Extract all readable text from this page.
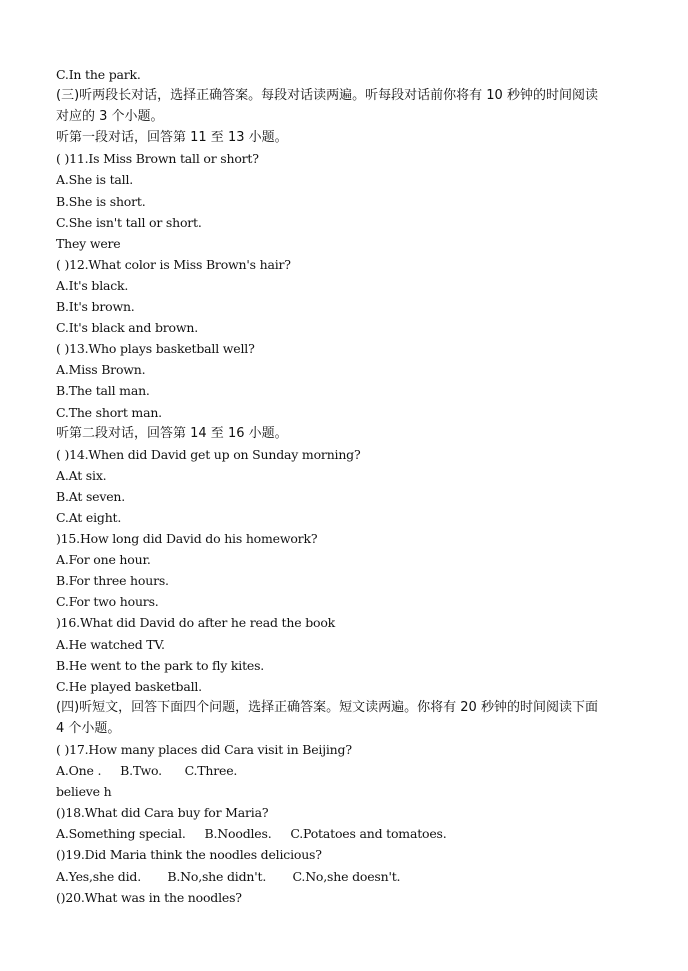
C.In the park.
(三)听两段长对话，选择正确答案。每段对话读两遍。听每段对话前你将有 10 秒钟的时间阅读
对应的 3 个小题。
听第一段对话，回答第 11 至 13 小题。
( )11.Is Miss Brown tall or short?
A.She is tall.
B.She is short.
C.She isn't tall or short.
They were
( )12.What color is Miss Brown's hair?
A.It's black.
B.It's brown.
C.It's black and brown.
( )13.Who plays basketball well?
A.Miss Brown.
B.The tall man.
C.The short man.
听第二段对话，回答第 14 至 16 小题。
( )14.When did David get up on Sunday morning?
A.At six.
B.At seven.
C.At eight.
)15.How long did David do his homework?
A.For one hour.
B.For three hours.
C.For two hours.
)16.What did David do after he read the book
A.He watched TV.
B.He went to the park to fly kites.
C.He played basketball.
(四)听短文，回答下面四个问题，选择正确答案。短文读两遍。你将有 20 秒钟的时间阅读下面
4 个小题。
( )17.How many places did Cara visit in Beijing?
A.One .     B.Two.      C.Three.
believe h
()18.What did Cara buy for Maria?
A.Something special.     B.Noodles.     C.Potatoes and tomatoes.
()19.Did Maria think the noodles delicious?
A.Yes,she did.       B.No,she didn't.       C.No,she doesn't.
()20.What was in the noodles?
